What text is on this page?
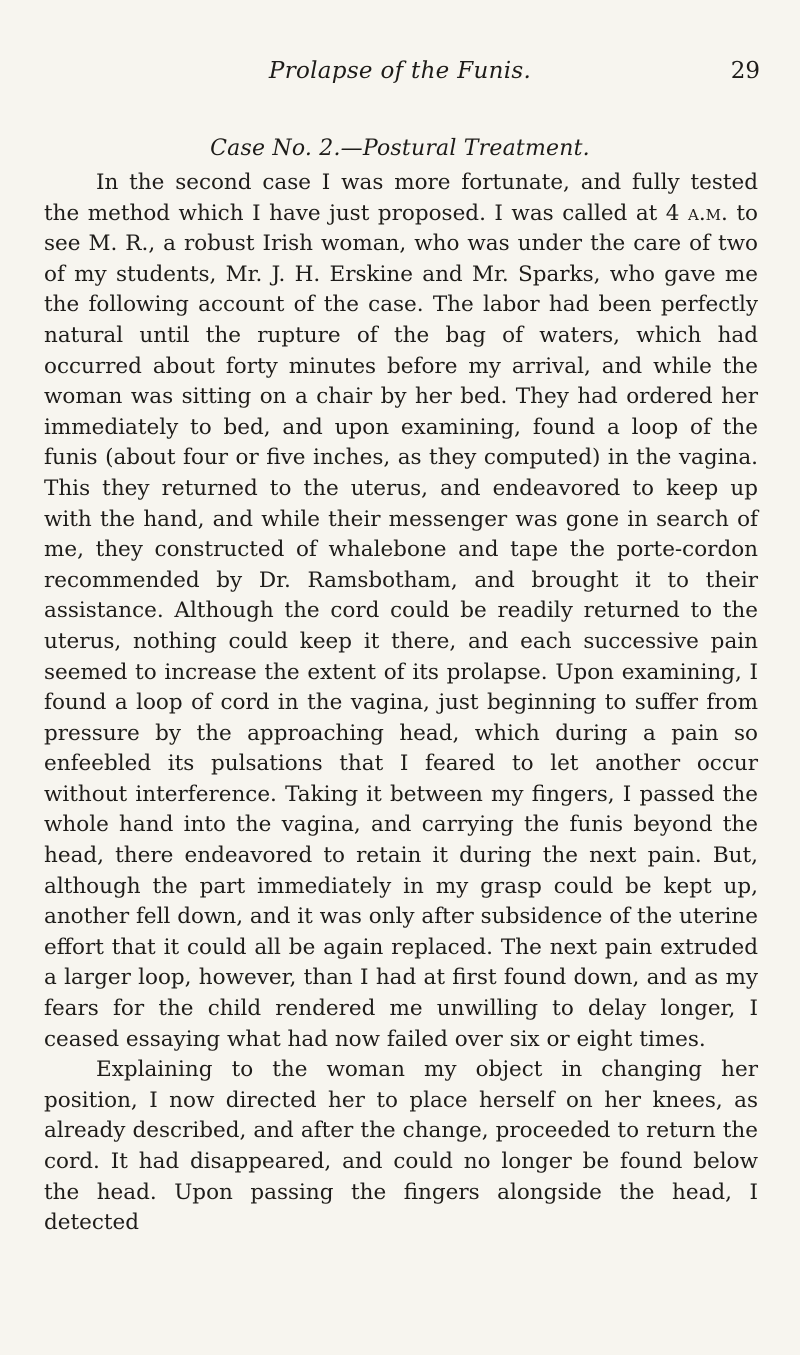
Prolapse of the Funis.	29
Case No. 2.—Postural Treatment.

In the second case I was more fortunate, and fully tested the method which I have just proposed. I was called at 4 a.m. to see M. R., a robust Irish woman, who was under the care of two of my students, Mr. J. H. Erskine and Mr. Sparks, who gave me the following account of the case. The labor had been perfectly natural until the rupture of the bag of waters, which had occurred about forty minutes before my arrival, and while the woman was sitting on a chair by her bed. They had ordered her immediately to bed, and upon examining, found a loop of the funis (about four or five inches, as they computed) in the vagina. This they returned to the uterus, and endeavored to keep up with the hand, and while their messenger was gone in search of me, they constructed of whalebone and tape the porte-cordon recommended by Dr. Ramsbotham, and brought it to their assistance. Although the cord could be readily returned to the uterus, nothing could keep it there, and each successive pain seemed to increase the extent of its prolapse. Upon examining, I found a loop of cord in the vagina, just beginning to suffer from pressure by the approaching head, which during a pain so enfeebled its pulsations that I feared to let another occur without interference. Taking it between my fingers, I passed the whole hand into the vagina, and carrying the funis beyond the head, there endeavored to retain it during the next pain. But, although the part immediately in my grasp could be kept up, another fell down, and it was only after subsidence of the uterine effort that it could all be again replaced. The next pain extruded a larger loop, however, than I had at first found down, and as my fears for the child rendered me unwilling to delay longer, I ceased essaying what had now failed over six or eight times.

Explaining to the woman my object in changing her position, I now directed her to place herself on her knees, as already described, and after the change, proceeded to return the cord. It had disappeared, and could no longer be found below the head. Upon passing the fingers alongside the head, I detected
